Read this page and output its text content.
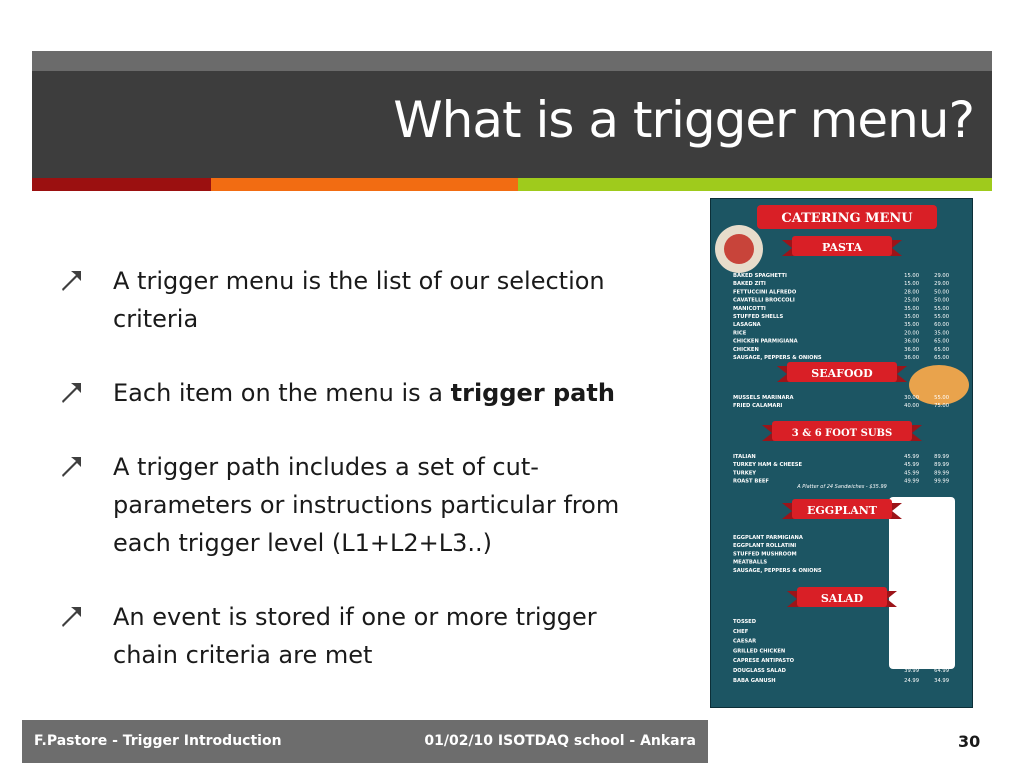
What is a trigger menu?
A trigger menu is the list of our selection criteria
Each item on the menu is a trigger path
A trigger path includes a set of cut-parameters or instructions particular from each trigger level (L1+L2+L3..)
An event is stored if one or more trigger chain criteria are met
CATERING MENU
PASTA
BAKED SPAGHETTI	15.00	29.00
BAKED ZITI	15.00	29.00
FETTUCCINI ALFREDO	28.00	50.00
CAVATELLI BROCCOLI	25.00	50.00
MANICOTTI	35.00	55.00
STUFFED SHELLS	35.00	55.00
LASAGNA	35.00	60.00
RICE	20.00	35.00
CHICKEN PARMIGIANA	36.00	65.00
CHICKEN	36.00	65.00
SAUSAGE, PEPPERS & ONIONS	36.00	65.00
SEAFOOD
MUSSELS MARINARA	30.00	55.00
FRIED CALAMARI	40.00	75.00
3 & 6 FOOT SUBS
ITALIAN	45.99	89.99
TURKEY HAM & CHEESE	45.99	89.99
TURKEY	45.99	89.99
ROAST BEEF	49.99	99.99
A Platter of 24 Sandwiches - $35.99
EGGPLANT
EGGPLANT PARMIGIANA	27.00	50.00
EGGPLANT ROLLATINI	30.00	55.00
STUFFED MUSHROOM	35.00	65.00
MEATBALLS	35.00	55.00
SAUSAGE, PEPPERS & ONIONS	35.00	65.00
SALAD
TOSSED	19.99	29.99
CHEF	29.99	49.99
CAESAR	19.99	29.99
GRILLED CHICKEN	34.99	59.99
CAPRESE ANTIPASTO	39.99	69.99
DOUGLASS SALAD	39.99	64.99
BABA GANUSH	24.99	34.99
F.Pastore - Trigger Introduction	01/02/10 ISOTDAQ school - Ankara	30
